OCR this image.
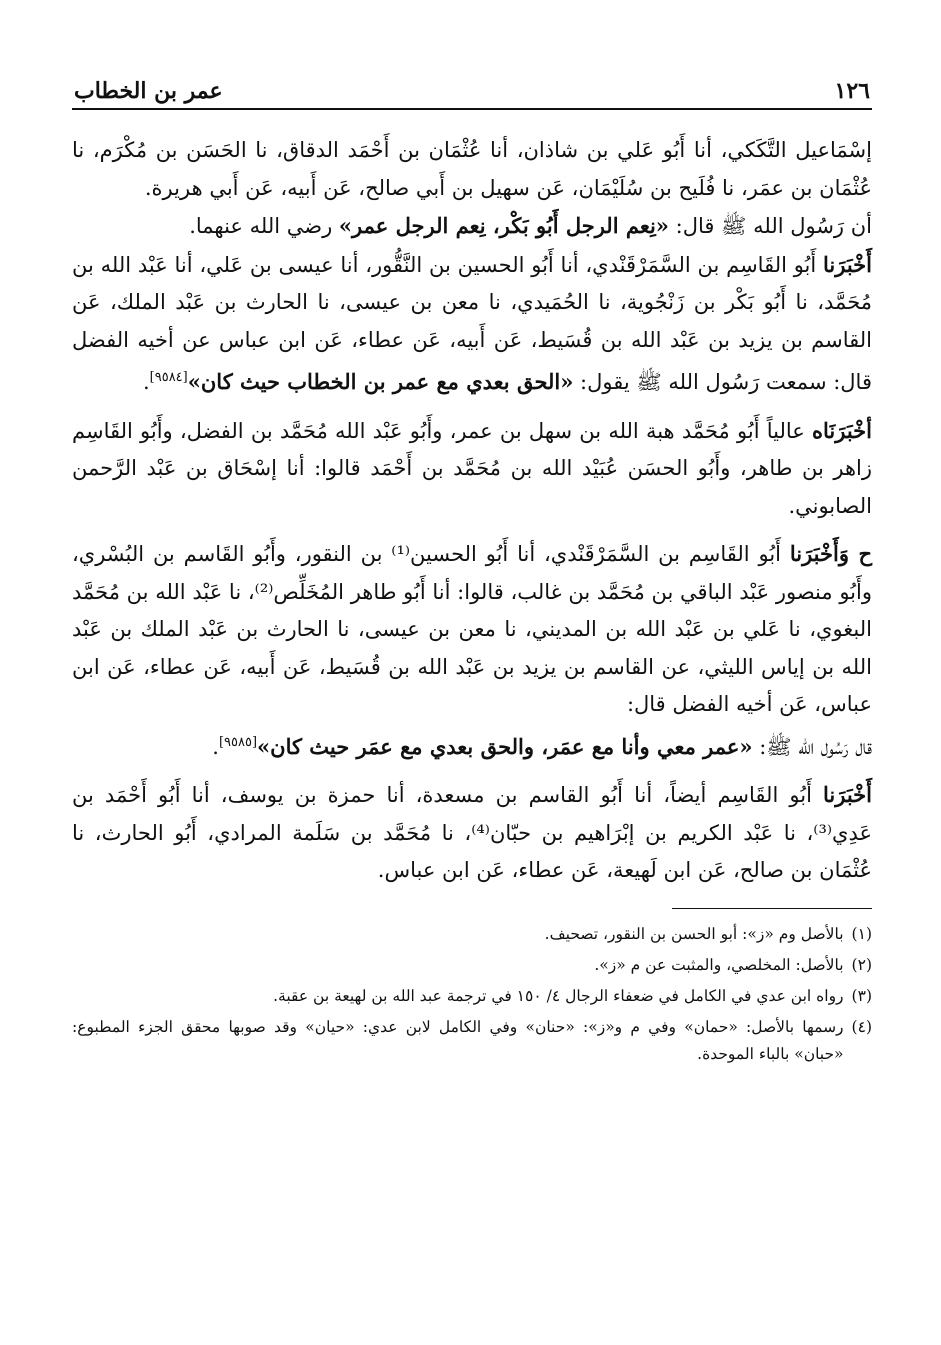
١٢٦
عمر بن الخطاب

إسْمَاعيل التَّكَكي، أنا أَبُو عَلي بن شاذان، أنا عُثْمَان بن أَحْمَد الدقاق، نا الحَسَن بن مُكْرَم، نا عُثْمَان بن عمَر، نا فُلَيح بن سُلَيْمَان، عَن سهيل بن أَبي صالح، عَن أَبيه، عَن أَبي هريرة.

أن رَسُول الله ﷺ قال: «نِعم الرجل أَبُو بَكْر، نِعم الرجل عمر» رضي الله عنهما.

أَخْبَرَنا أَبُو القَاسِم بن السَّمَرْقَنْدي، أنا أَبُو الحسين بن النَّقُّور، أنا عيسى بن عَلي، أنا عَبْد الله بن مُحَمَّد، نا أَبُو بَكْر بن زَنْجُوية، نا الحُمَيدي، نا معن بن عيسى، نا الحارث بن عَبْد الملك، عَن القاسم بن يزيد بن عَبْد الله بن قُسَيط، عَن أَبيه، عَن عطاء، عَن ابن عباس عن أخيه الفضل قال: سمعت رَسُول الله ﷺ يقول: «الحق بعدي مع عمر بن الخطاب حيث كان»[٩٥٨٤].

أخْبَرَنَاه عالياً أَبُو مُحَمَّد هبة الله بن سهل بن عمر، وأَبُو عَبْد الله مُحَمَّد بن الفضل، وأَبُو القَاسِم زاهر بن طاهر، وأَبُو الحسَن عُبَيْد الله بن مُحَمَّد بن أَحْمَد قالوا: أنا إسْحَاق بن عَبْد الرَّحمن الصابوني.

ح وَأَخْبَرَنا أَبُو القَاسِم بن السَّمَرْقَنْدي، أنا أَبُو الحسين⁽¹⁾ بن النقور، وأَبُو القَاسم بن البُسْري، وأَبُو منصور عَبْد الباقي بن مُحَمَّد بن غالب، قالوا: أنا أَبُو طاهر المُخَلِّص⁽²⁾، نا عَبْد الله بن مُحَمَّد البغوي، نا عَلي بن عَبْد الله بن المديني، نا معن بن عيسى، نا الحارث بن عَبْد الملك بن عَبْد الله بن إياس الليثي، عن القاسم بن يزيد بن عَبْد الله بن قُسَيط، عَن أَبيه، عَن عطاء، عَن ابن عباس، عَن أخيه الفضل قال:

قال رَسُول الله ﷺ: «عمر معي وأنا مع عمَر، والحق بعدي مع عمَر حيث كان»[٩٥٨٥].

أَخْبَرَنا أَبُو القَاسِم أيضاً، أنا أَبُو القاسم بن مسعدة، أنا حمزة بن يوسف، أنا أَبُو أَحْمَد بن عَدِي⁽³⁾، نا عَبْد الكريم بن إبْرَاهيم بن حبّان⁽⁴⁾، نا مُحَمَّد بن سَلَمة المرادي، أَبُو الحارث، نا عُثْمَان بن صالح، عَن ابن لَهيعة، عَن عطاء، عَن ابن عباس.

(١)
بالأصل وم «ز»: أبو الحسن بن النقور، تصحيف.
(٢)
بالأصل: المخلصي، والمثبت عن م «ز».
(٣)
رواه ابن عدي في الكامل في ضعفاء الرجال ٤/ ١٥٠ في ترجمة عبد الله بن لهيعة بن عقبة.
(٤)
رسمها بالأصل: «حمان» وفي م و«ز»: «حنان» وفي الكامل لابن عدي: «حيان» وقد صوبها محقق الجزء المطبوع: «حبان» بالباء الموحدة.
